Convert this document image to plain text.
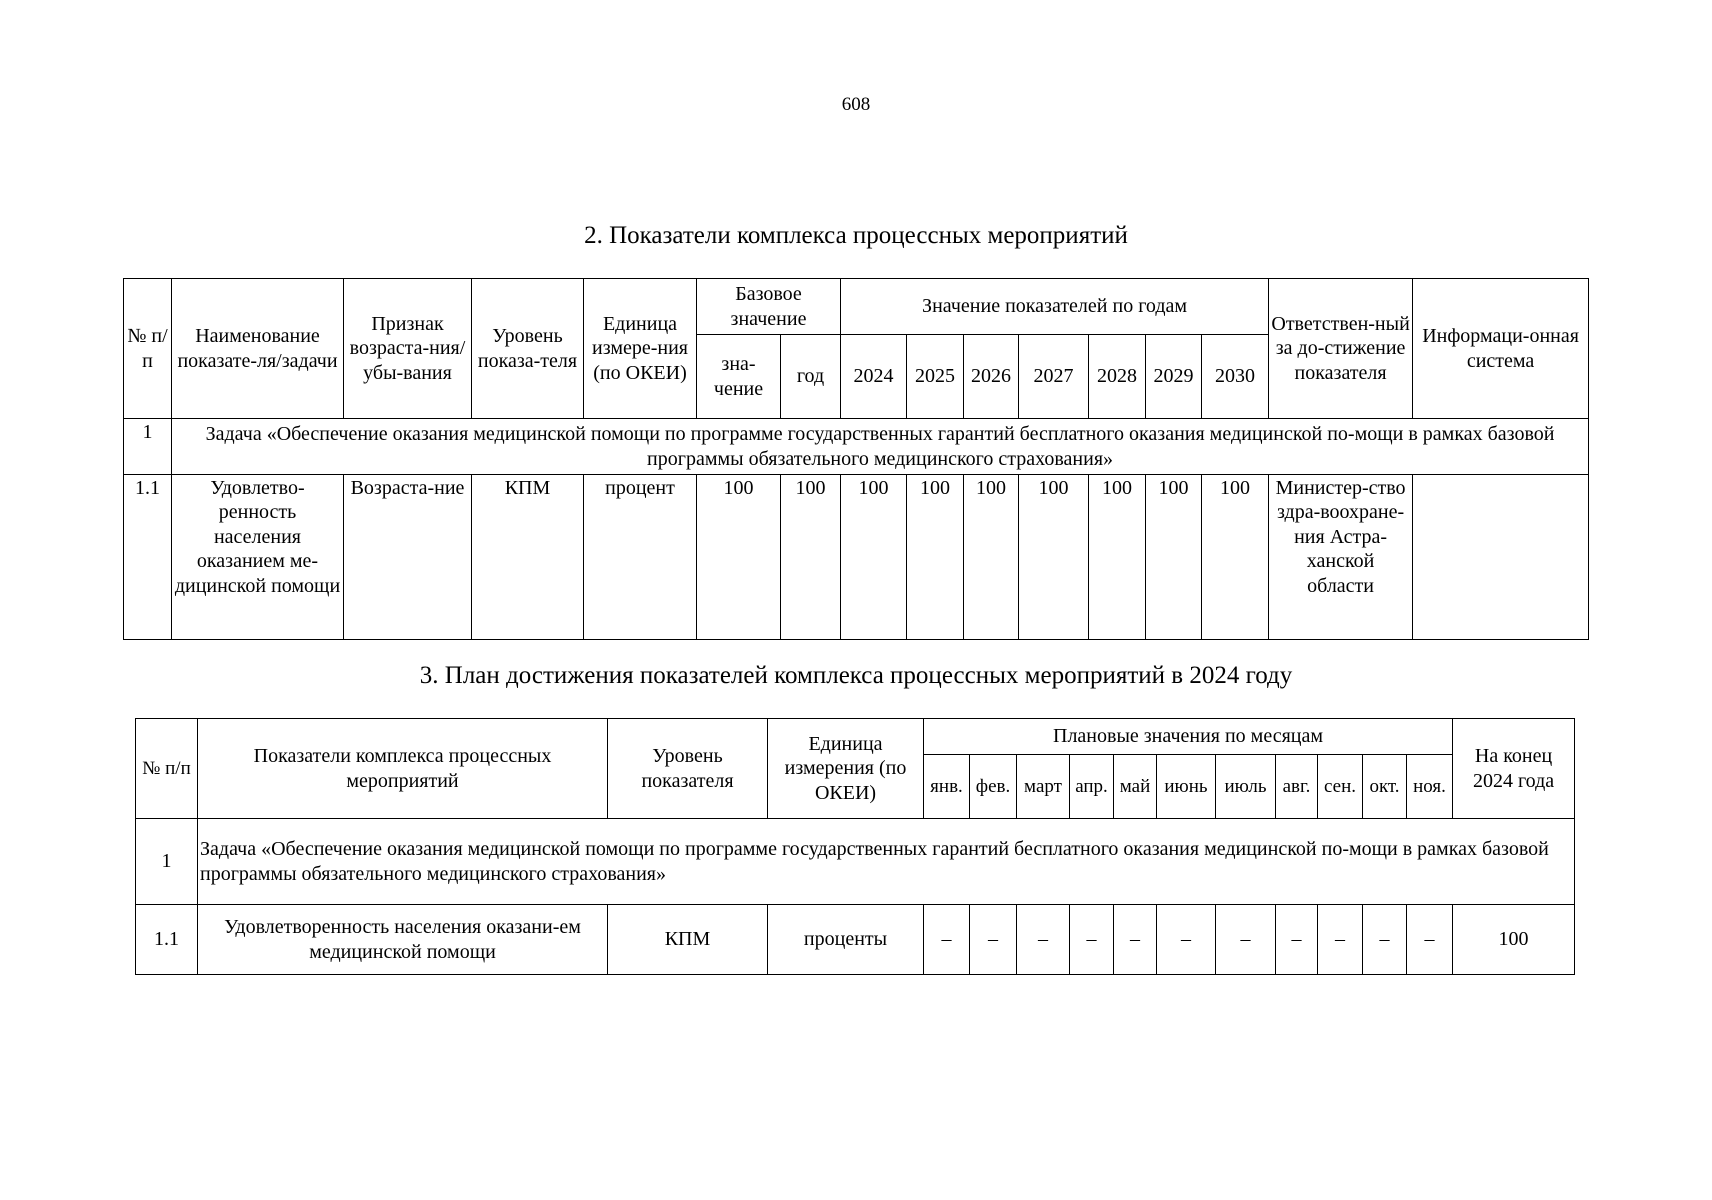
608
2. Показатели комплекса процессных мероприятий
№ п/ п	Наименование показате-ля/задачи	Признак возраста-ния/ убы-вания	Уровень показа-теля	Единица измере-ния (по ОКЕИ)	Базовое значение		Значение показателей по годам							Ответствен-ный за до-стижение показателя	Информаци-онная система
					зна-чение	год	2024	2025	2026	2027	2028	2029	2030		
1	Задача «Обеспечение оказания медицинской помощи по программе государственных гарантий бесплатного оказания медицинской по-мощи в рамках базовой программы обязательного медицинского страхования»														
1.1	Удовлетво-ренность населения оказанием ме-дицинской помощи	Возраста-ние	КПМ	процент	100	100	100	100	100	100	100	100	100	Министер-ство здра-воохране-ния Астра-ханской области	
3. План достижения показателей комплекса процессных мероприятий в 2024 году
№ п/п	Показатели комплекса процессных мероприятий	Уровень показателя	Единица измерения (по ОКЕИ)	Плановые значения по месяцам											На конец 2024 года
				янв.	фев.	март	апр.	май	июнь	июль	авг.	сен.	окт.	ноя.	
1	Задача «Обеспечение оказания медицинской помощи по программе государственных гарантий бесплатного оказания медицинской по-мощи в рамках базовой программы обязательного медицинского страхования»														
1.1	Удовлетворенность населения оказани-ем медицинской помощи	КПМ	проценты	–	–	–	–	–	–	–	–	–	–	–	100
